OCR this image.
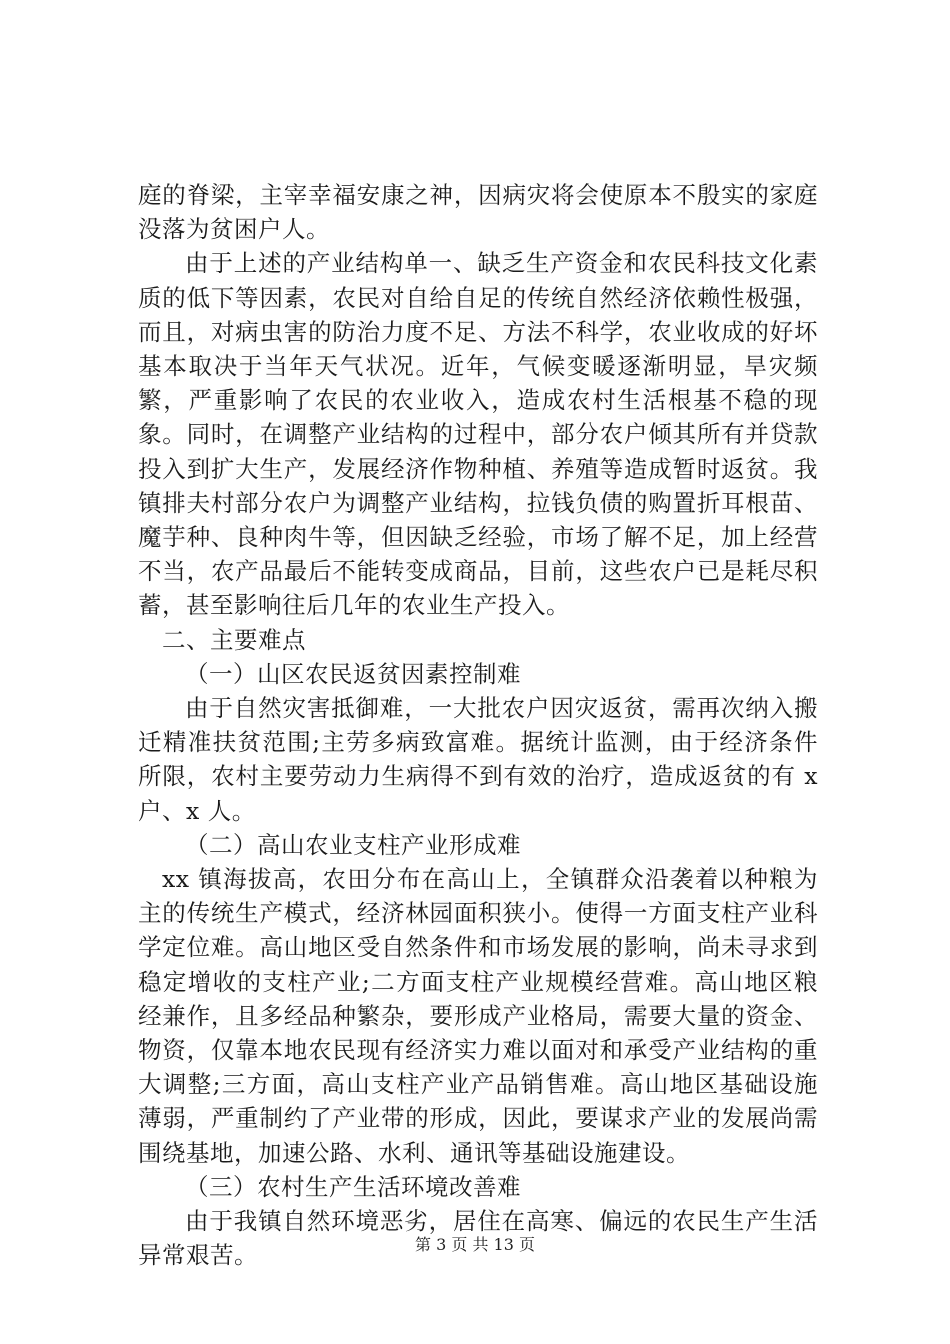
庭的脊梁，主宰幸福安康之神，因病灾将会使原本不殷实的家庭没落为贫困户人。

由于上述的产业结构单一、缺乏生产资金和农民科技文化素质的低下等因素，农民对自给自足的传统自然经济依赖性极强，而且，对病虫害的防治力度不足、方法不科学，农业收成的好坏基本取决于当年天气状况。近年，气候变暖逐渐明显，旱灾频繁，严重影响了农民的农业收入，造成农村生活根基不稳的现象。同时，在调整产业结构的过程中，部分农户倾其所有并贷款投入到扩大生产，发展经济作物种植、养殖等造成暂时返贫。我镇排夫村部分农户为调整产业结构，拉钱负债的购置折耳根苗、魔芋种、良种肉牛等，但因缺乏经验，市场了解不足，加上经营不当，农产品最后不能转变成商品，目前，这些农户已是耗尽积蓄，甚至影响往后几年的农业生产投入。

二、主要难点

（一）山区农民返贫因素控制难

由于自然灾害抵御难，一大批农户因灾返贫，需再次纳入搬迁精准扶贫范围;主劳多病致富难。据统计监测，由于经济条件所限，农村主要劳动力生病得不到有效的治疗，造成返贫的有 x 户、x 人。

（二）高山农业支柱产业形成难

xx 镇海拔高，农田分布在高山上，全镇群众沿袭着以种粮为主的传统生产模式，经济林园面积狭小。使得一方面支柱产业科学定位难。高山地区受自然条件和市场发展的影响，尚未寻求到稳定增收的支柱产业;二方面支柱产业规模经营难。高山地区粮经兼作，且多经品种繁杂，要形成产业格局，需要大量的资金、物资，仅靠本地农民现有经济实力难以面对和承受产业结构的重大调整;三方面，高山支柱产业产品销售难。高山地区基础设施薄弱，严重制约了产业带的形成，因此，要谋求产业的发展尚需围绕基地，加速公路、水利、通讯等基础设施建设。

（三）农村生产生活环境改善难

由于我镇自然环境恶劣，居住在高寒、偏远的农民生产生活异常艰苦。	第 3 页 共 13 页
